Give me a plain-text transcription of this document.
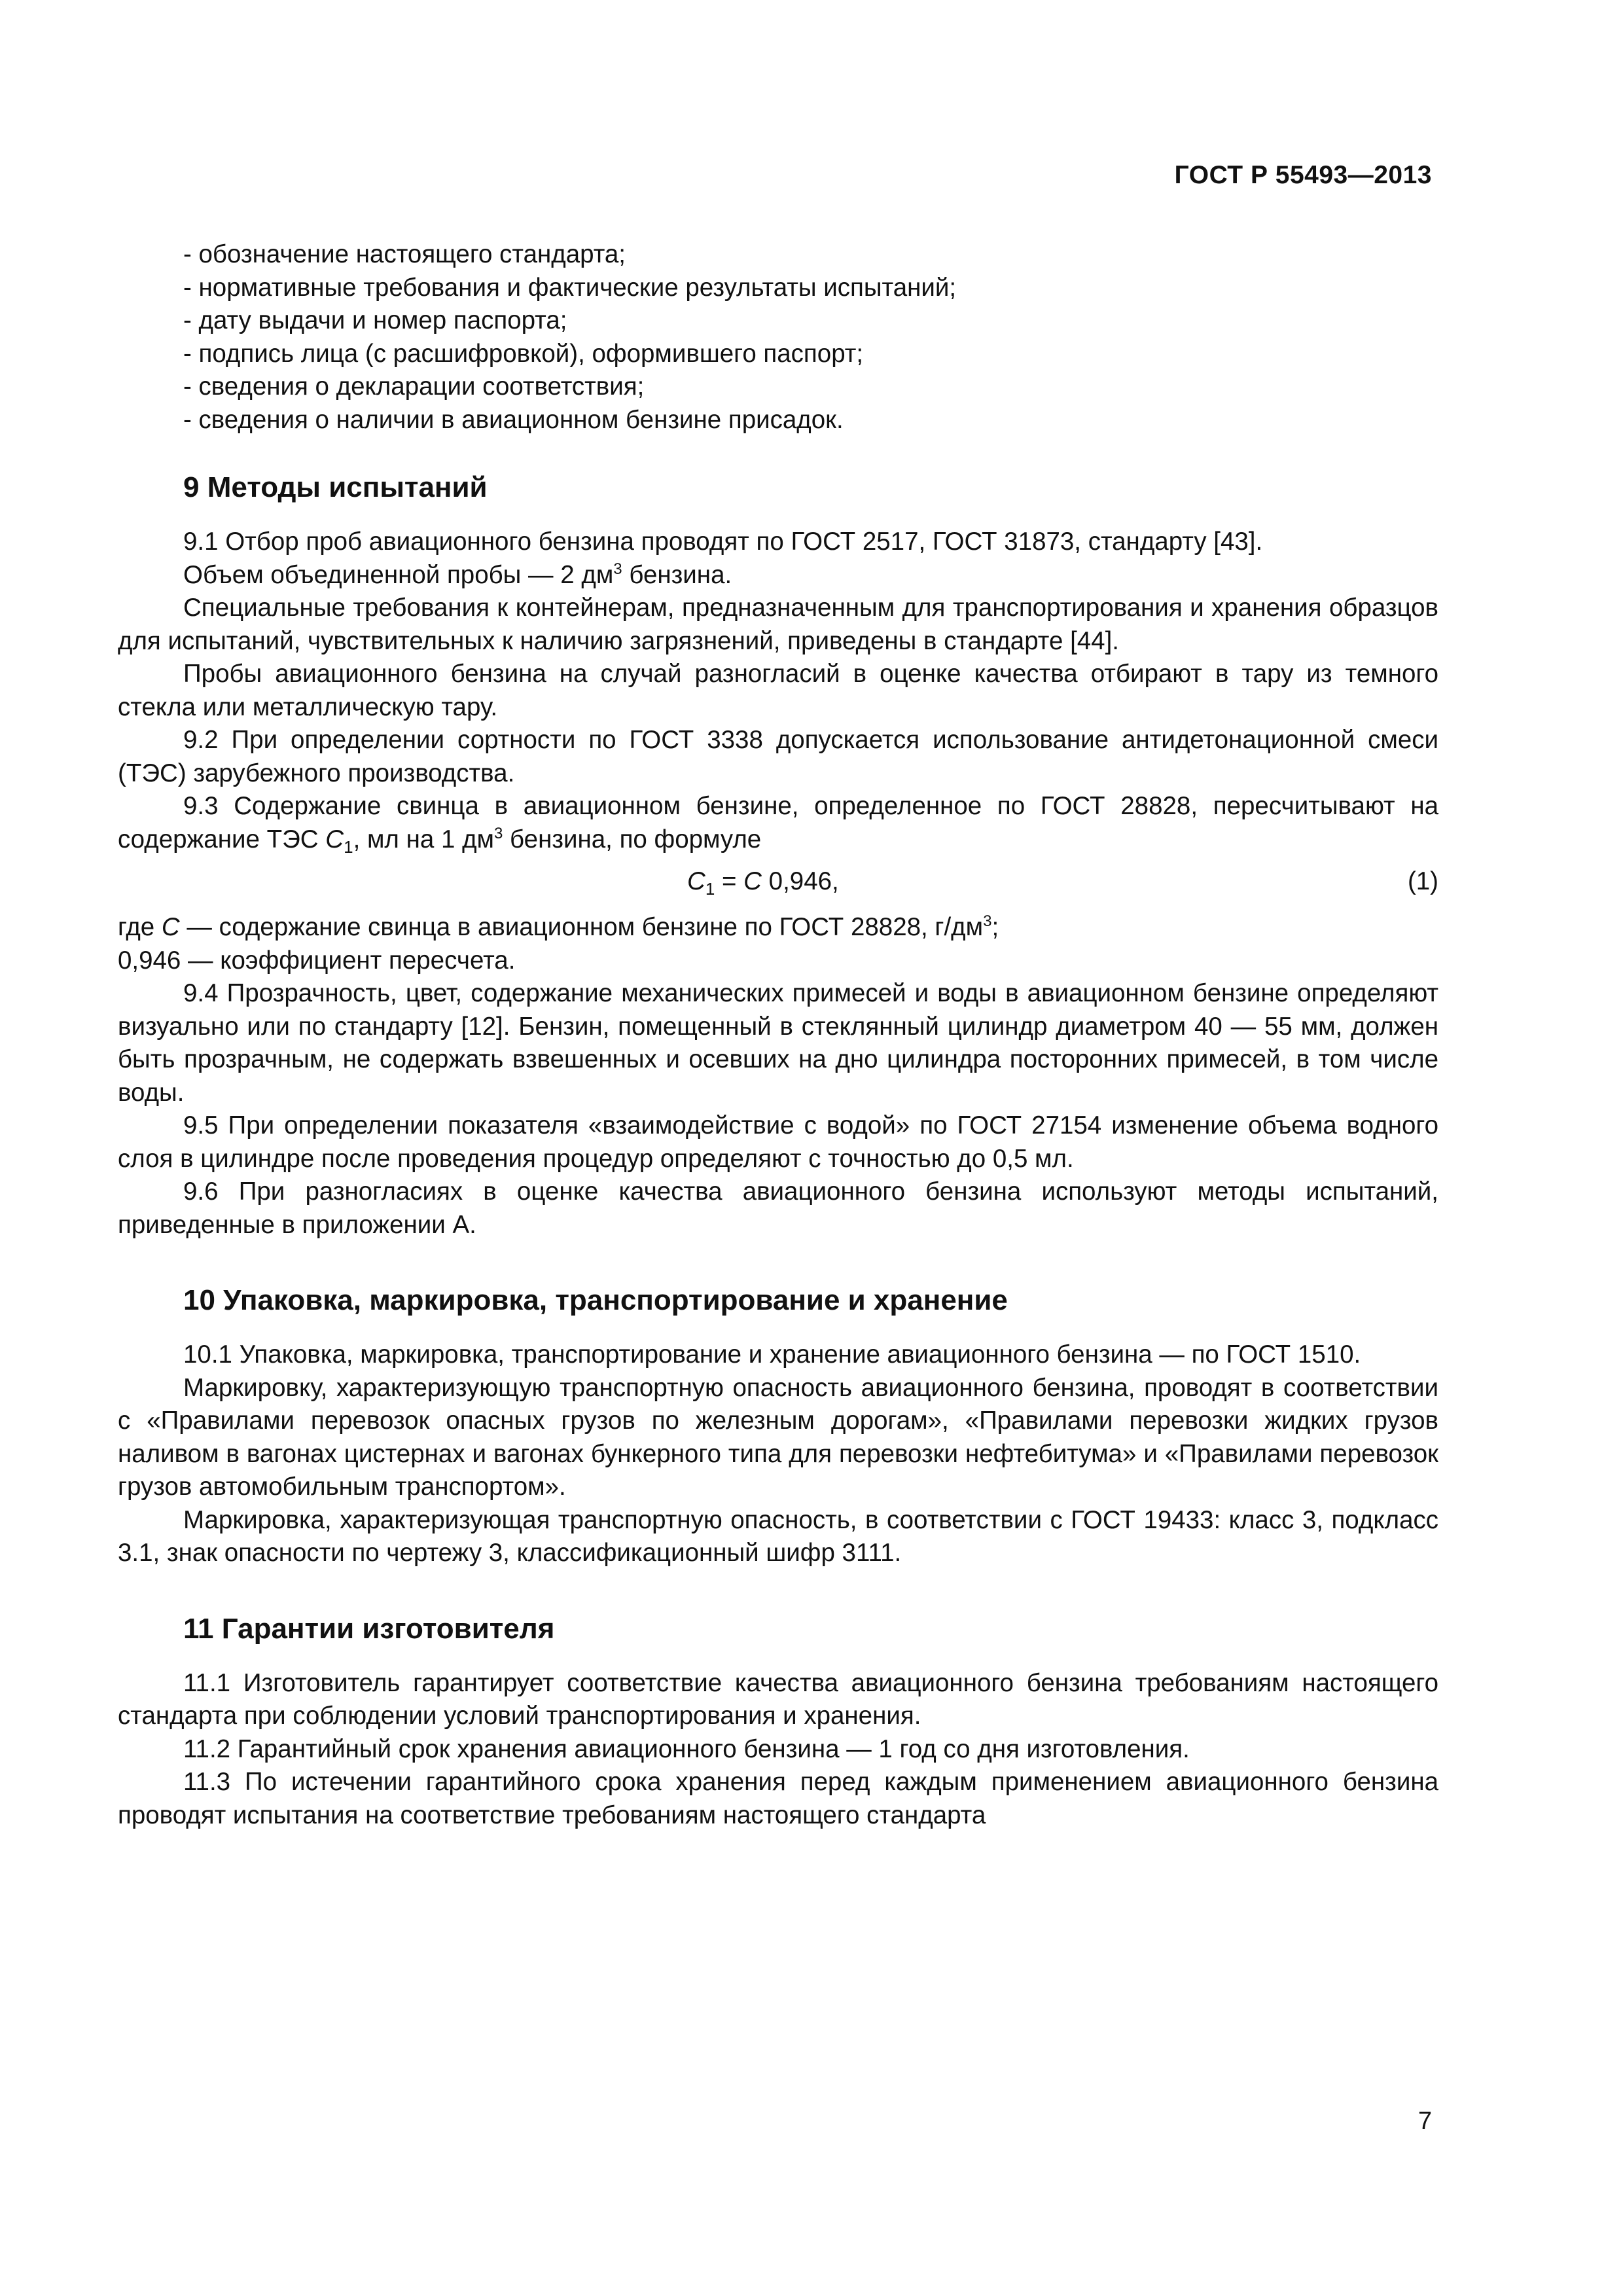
ГОСТ Р 55493—2013

- обозначение настоящего стандарта;

- нормативные требования и фактические результаты испытаний;

- дату выдачи и номер паспорта;

- подпись лица (с расшифровкой), оформившего паспорт;

- сведения о декларации соответствия;

- сведения о наличии в авиационном бензине присадок.

9 Методы испытаний

9.1 Отбор проб авиационного бензина проводят по ГОСТ 2517, ГОСТ 31873, стандарту [43].

Объем объединенной пробы — 2 $дм^3$ бензина.

Специальные требования к контейнерам, предназначенным для транспортирования и хранения образцов для испытаний, чувствительных к наличию загрязнений, приведены в стандарте [44].

Пробы авиационного бензина на случай разногласий в оценке качества отбирают в тару из темного стекла или металлическую тару.

9.2 При определении сортности по ГОСТ 3338 допускается использование антидетонационной смеси (ТЭС) зарубежного производства.

9.3 Содержание свинца в авиационном бензине, определенное по ГОСТ 28828, пересчитывают на содержание ТЭС $C_1$, мл на 1 $дм^3$ бензина, по формуле

$C_1 = C$ 0,946,	(1)

где C — содержание свинца в авиационном бензине по ГОСТ 28828, $г/дм^3$;

0,946 — коэффициент пересчета.

9.4 Прозрачность, цвет, содержание механических примесей и воды в авиационном бензине определяют визуально или по стандарту [12]. Бензин, помещенный в стеклянный цилиндр диаметром 40 — 55 мм, должен быть прозрачным, не содержать взвешенных и осевших на дно цилиндра посторонних примесей, в том числе воды.

9.5 При определении показателя «взаимодействие с водой» по ГОСТ 27154 изменение объема водного слоя в цилиндре после проведения процедур определяют с точностью до 0,5 мл.

9.6 При разногласиях в оценке качества авиационного бензина используют методы испытаний, приведенные в приложении А.

10 Упаковка, маркировка, транспортирование и хранение

10.1 Упаковка, маркировка, транспортирование и хранение авиационного бензина — по ГОСТ 1510.

Маркировку, характеризующую транспортную опасность авиационного бензина, проводят в соответствии с «Правилами перевозок опасных грузов по железным дорогам», «Правилами перевозки жидких грузов наливом в вагонах цистернах и вагонах бункерного типа для перевозки нефтебитума» и «Правилами перевозок грузов автомобильным транспортом».

Маркировка, характеризующая транспортную опасность, в соответствии с ГОСТ 19433: класс 3, подкласс 3.1, знак опасности по чертежу 3, классификационный шифр 3111.

11 Гарантии изготовителя

11.1 Изготовитель гарантирует соответствие качества авиационного бензина требованиям настоящего стандарта при соблюдении условий транспортирования и хранения.

11.2 Гарантийный срок хранения авиационного бензина — 1 год со дня изготовления.

11.3 По истечении гарантийного срока хранения перед каждым применением авиационного бензина проводят испытания на соответствие требованиям настоящего стандарта

7
